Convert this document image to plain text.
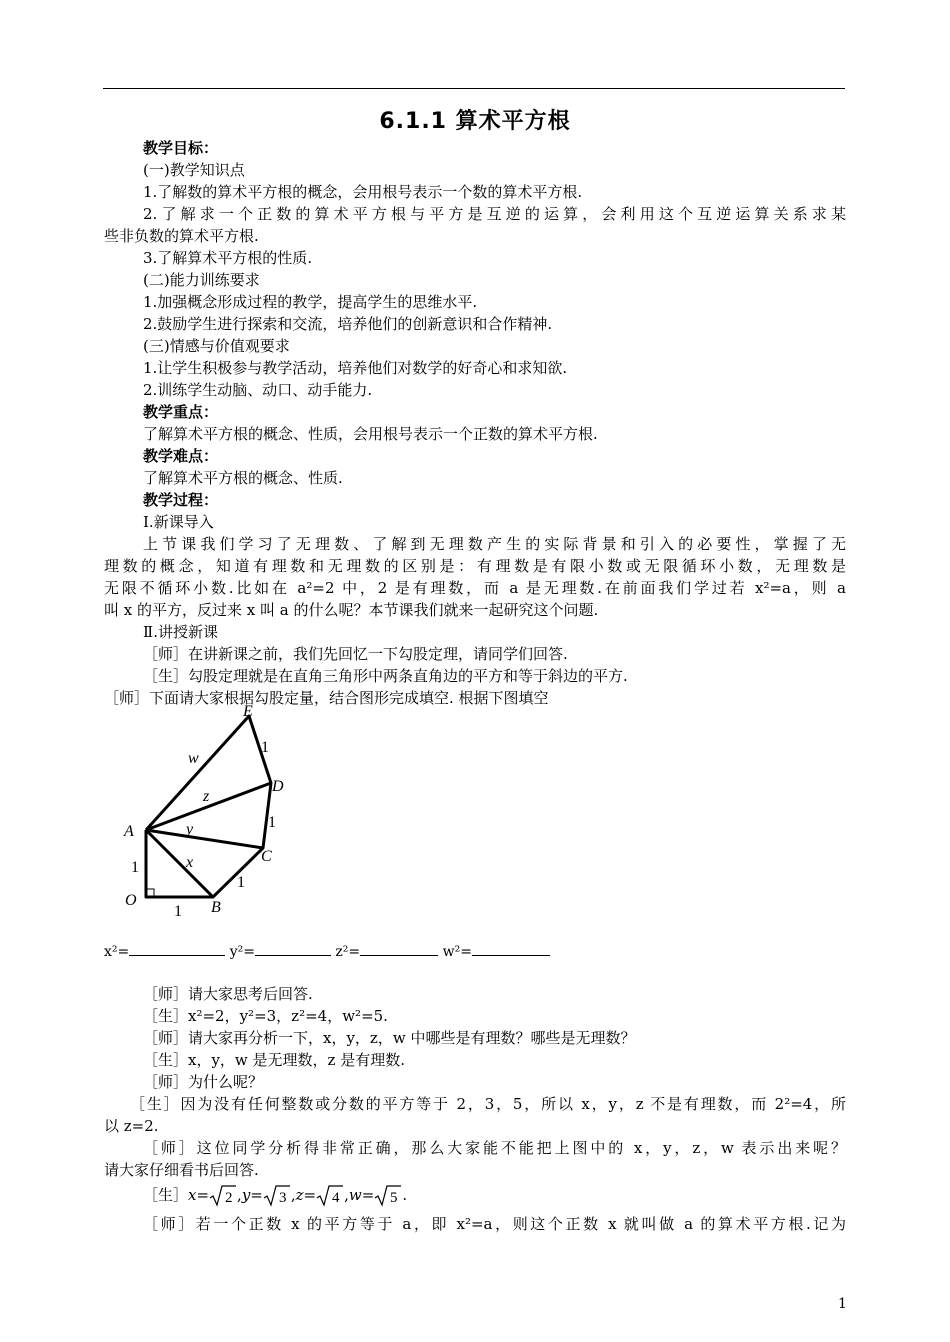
6.1.1 算术平方根
教学目标：
(一)教学知识点
1.了解数的算术平方根的概念，会用根号表示一个数的算术平方根.
2.了解求一个正数的算术平方根与平方是互逆的运算，会利用这个互逆运算关系求某
些非负数的算术平方根.
3.了解算术平方根的性质.
(二)能力训练要求
1.加强概念形成过程的教学，提高学生的思维水平.
2.鼓励学生进行探索和交流，培养他们的创新意识和合作精神.
(三)情感与价值观要求
1.让学生积极参与教学活动，培养他们对数学的好奇心和求知欲.
2.训练学生动脑、动口、动手能力.
教学重点：
了解算术平方根的概念、性质，会用根号表示一个正数的算术平方根.
教学难点：
了解算术平方根的概念、性质.
教学过程：
Ⅰ.新课导入
上节课我们学习了无理数、了解到无理数产生的实际背景和引入的必要性，掌握了无
理数的概念，知道有理数和无理数的区别是：有理数是有限小数或无限循环小数，无理数是
无限不循环小数.比如在 a²=2 中，2 是有理数，而 a 是无理数.在前面我们学过若 x²=a，则 a
叫 x 的平方，反过来 x 叫 a 的什么呢？本节课我们就来一起研究这个问题.
Ⅱ.讲授新课
［师］在讲新课之前，我们先回忆一下勾股定理，请同学们回答.
［生］勾股定理就是在直角三角形中两条直角边的平方和等于斜边的平方.
［师］下面请大家根据勾股定量，结合图形完成填空. 根据下图填空
O	B
C
D
E
A	y
x
z
w
1
1
1
1
1
x²=	y²=	z²=	w²=
［师］请大家思考后回答.
［生］x²=2，y²=3，z²=4，w²=5.
［师］请大家再分析一下，x，y，z，w 中哪些是有理数？哪些是无理数？
［生］x，y，w 是无理数，z 是有理数.
［师］为什么呢？
［生］因为没有任何整数或分数的平方等于 2，3，5，所以 x，y，z 不是有理数，而 2²=4，所
以 z=2.
［师］这位同学分析得非常正确，那么大家能不能把上图中的 x，y，z，w 表示出来呢？
请大家仔细看书后回答.
［生］x= 2 ,y= 3 ,z= 4 ,w= 5 .
［师］若一个正数 x 的平方等于 a，即 x²=a，则这个正数 x 就叫做 a 的算术平方根.记为
1
